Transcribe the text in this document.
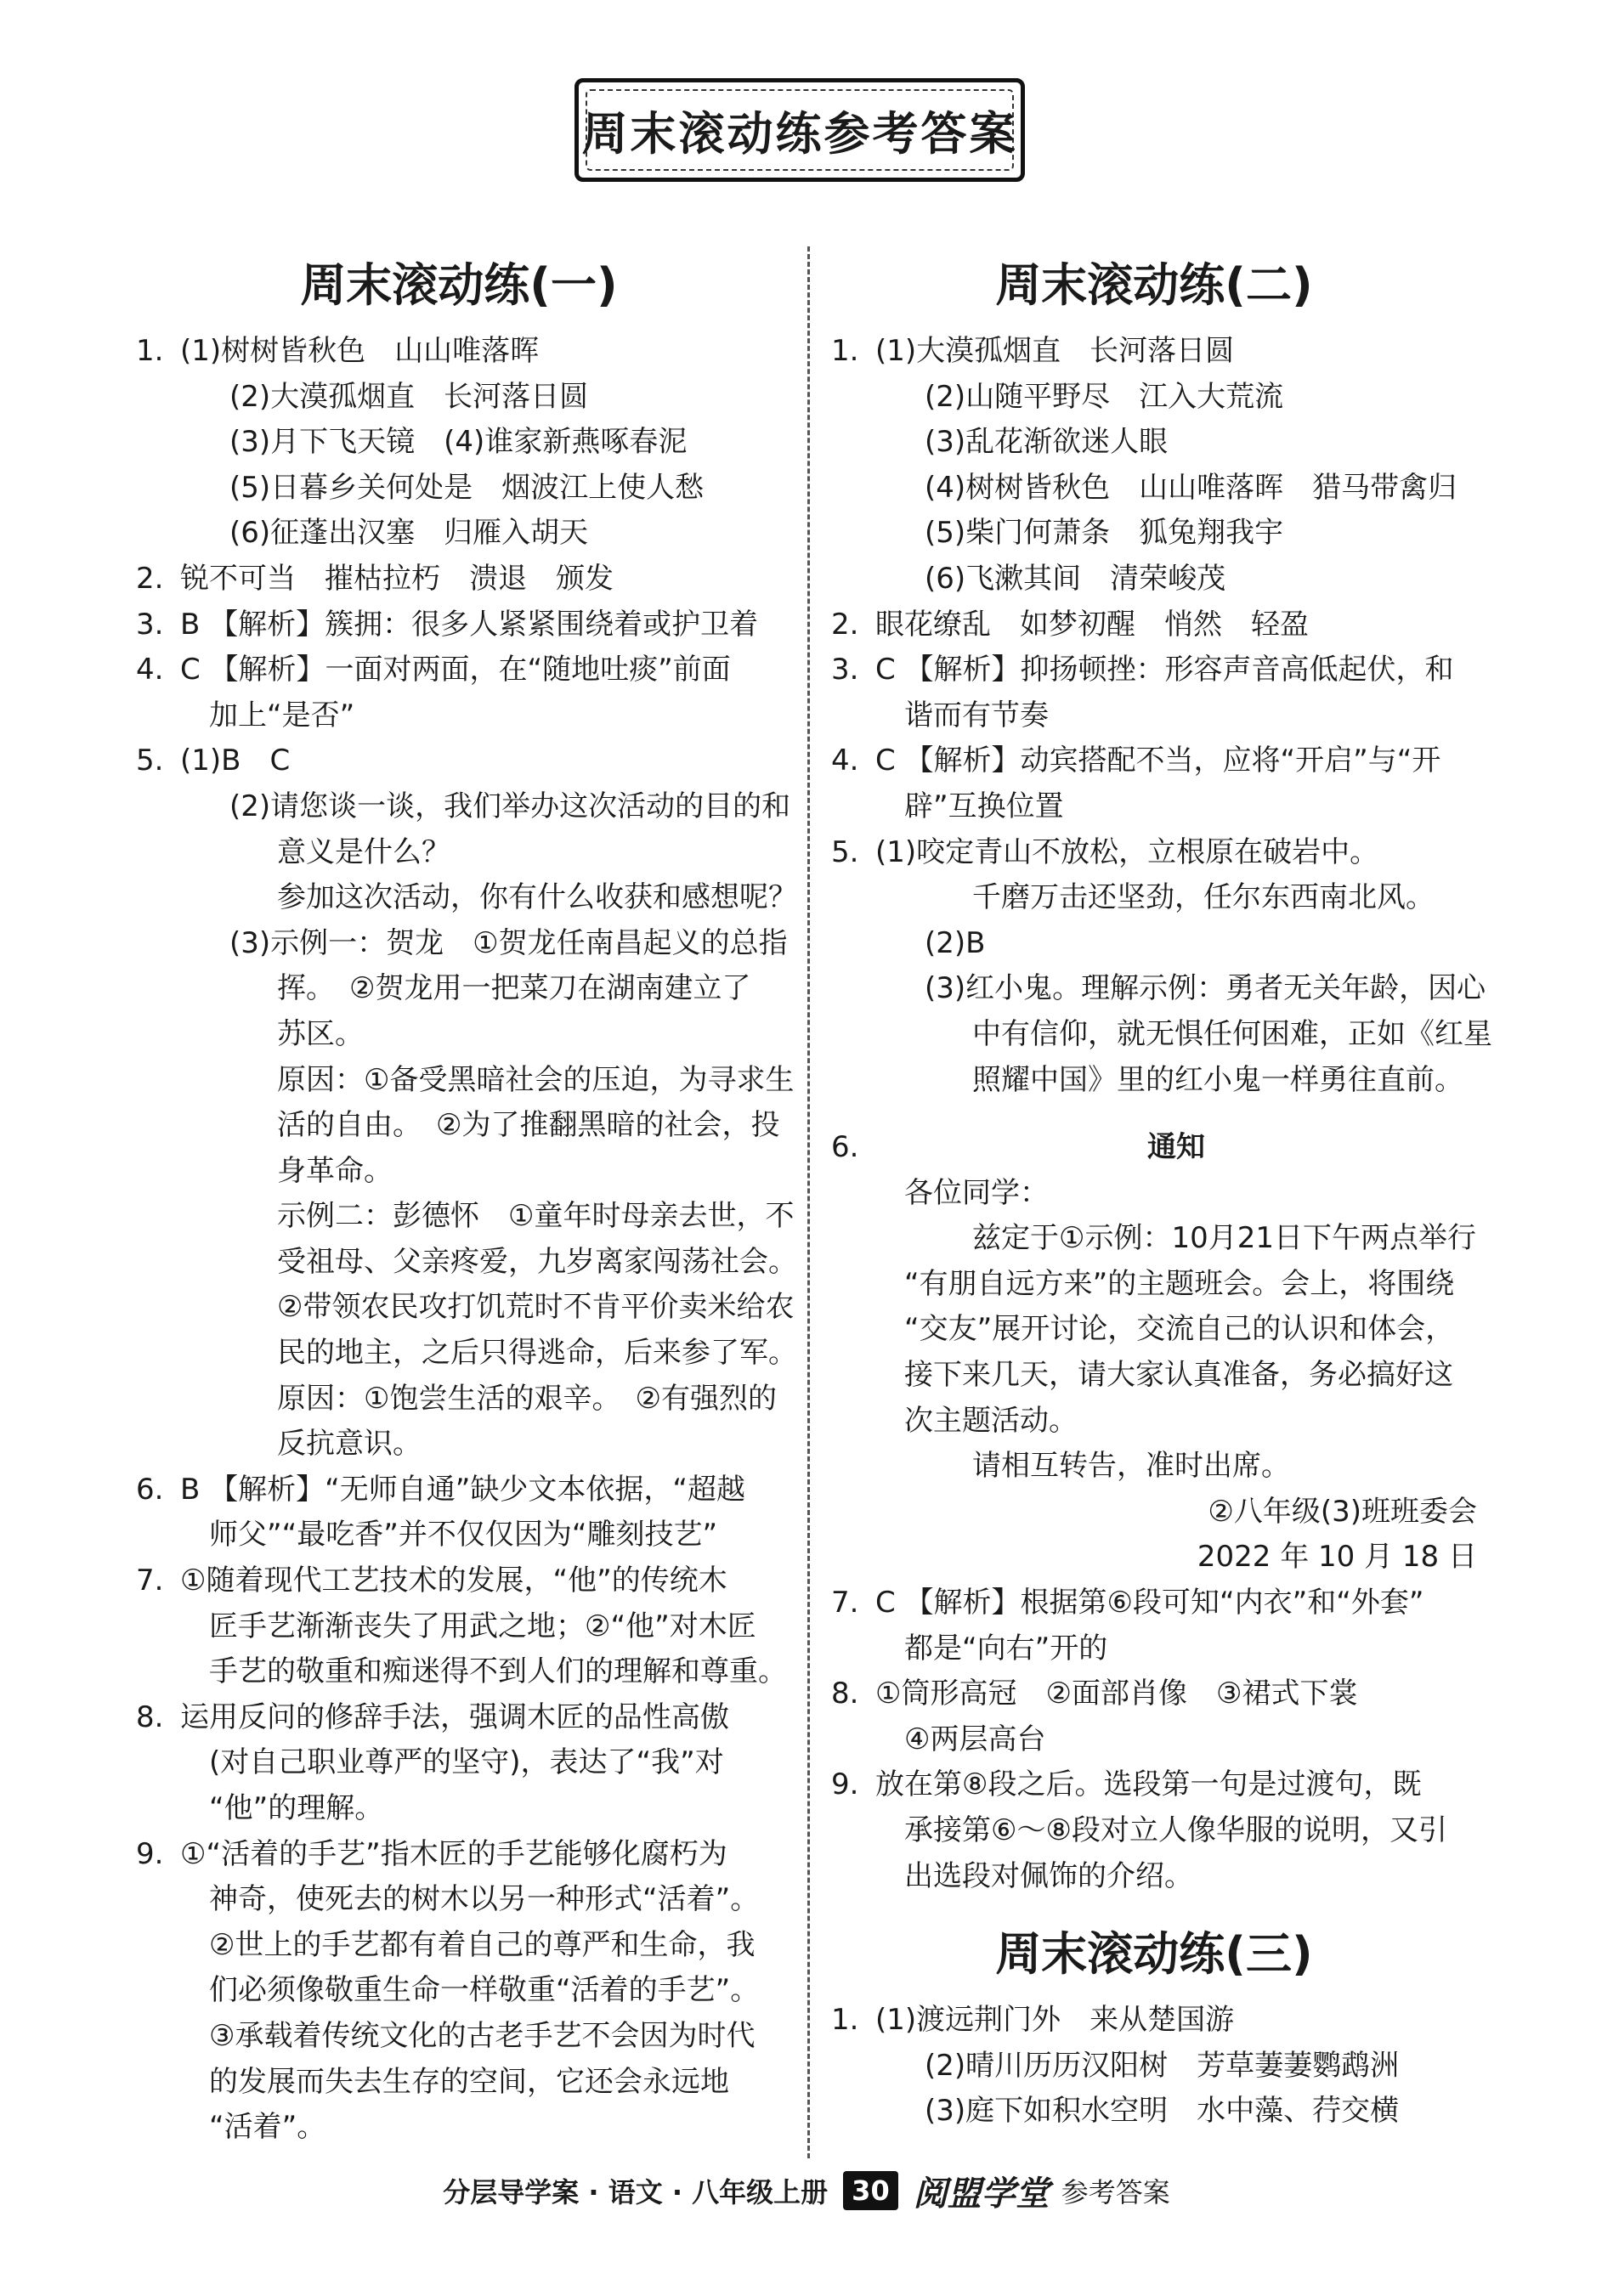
周末滚动练参考答案
周末滚动练(一)
1. (1)树树皆秋色　山山唯落晖
(2)大漠孤烟直　长河落日圆
(3)月下飞天镜　(4)谁家新燕啄春泥
(5)日暮乡关何处是　烟波江上使人愁
(6)征蓬出汉塞　归雁入胡天
2. 锐不可当　摧枯拉朽　溃退　颁发
3. B 【解析】簇拥：很多人紧紧围绕着或护卫着
4. C 【解析】一面对两面，在“随地吐痰”前面
加上“是否”
5. (1)B　C
(2)请您谈一谈，我们举办这次活动的目的和
意义是什么？
参加这次活动，你有什么收获和感想呢？
(3)示例一：贺龙　①贺龙任南昌起义的总指
挥。　②贺龙用一把菜刀在湖南建立了
苏区。
原因：①备受黑暗社会的压迫，为寻求生
活的自由。　②为了推翻黑暗的社会，投
身革命。
示例二：彭德怀　①童年时母亲去世，不
受祖母、父亲疼爱，九岁离家闯荡社会。
②带领农民攻打饥荒时不肯平价卖米给农
民的地主，之后只得逃命，后来参了军。
原因：①饱尝生活的艰辛。　②有强烈的
反抗意识。
6. B 【解析】“无师自通”缺少文本依据，“超越
师父”“最吃香”并不仅仅因为“雕刻技艺”
7. ①随着现代工艺技术的发展，“他”的传统木
匠手艺渐渐丧失了用武之地；②“他”对木匠
手艺的敬重和痴迷得不到人们的理解和尊重。
8. 运用反问的修辞手法，强调木匠的品性高傲
(对自己职业尊严的坚守)，表达了“我”对
“他”的理解。
9. ①“活着的手艺”指木匠的手艺能够化腐朽为
神奇，使死去的树木以另一种形式“活着”。
②世上的手艺都有着自己的尊严和生命，我
们必须像敬重生命一样敬重“活着的手艺”。
③承载着传统文化的古老手艺不会因为时代
的发展而失去生存的空间，它还会永远地
“活着”。
周末滚动练(二)
1. (1)大漠孤烟直　长河落日圆
(2)山随平野尽　江入大荒流
(3)乱花渐欲迷人眼
(4)树树皆秋色　山山唯落晖　猎马带禽归
(5)柴门何萧条　狐兔翔我宇
(6)飞漱其间　清荣峻茂
2. 眼花缭乱　如梦初醒　悄然　轻盈
3. C 【解析】抑扬顿挫：形容声音高低起伏，和
谐而有节奏
4. C 【解析】动宾搭配不当，应将“开启”与“开
辟”互换位置
5. (1)咬定青山不放松，立根原在破岩中。
千磨万击还坚劲，任尔东西南北风。
(2)B
(3)红小鬼。理解示例：勇者无关年龄，因心
中有信仰，就无惧任何困难，正如《红星
照耀中国》里的红小鬼一样勇往直前。
6.	通知
各位同学：
兹定于①示例：10月21日下午两点举行
“有朋自远方来”的主题班会。会上，将围绕
“交友”展开讨论，交流自己的认识和体会，
接下来几天，请大家认真准备，务必搞好这
次主题活动。
请相互转告，准时出席。
②八年级(3)班班委会
2022 年 10 月 18 日
7. C 【解析】根据第⑥段可知“内衣”和“外套”
都是“向右”开的
8. ①筒形高冠　②面部肖像　③裙式下裳
④两层高台
9. 放在第⑧段之后。选段第一句是过渡句，既
承接第⑥～⑧段对立人像华服的说明，又引
出选段对佩饰的介绍。
周末滚动练(三)
1. (1)渡远荆门外　来从楚国游
(2)晴川历历汉阳树　芳草萋萋鹦鹉洲
(3)庭下如积水空明　水中藻、荇交横
分层导学案 · 语文 · 八年级上册 30 阅盟学堂 参考答案
